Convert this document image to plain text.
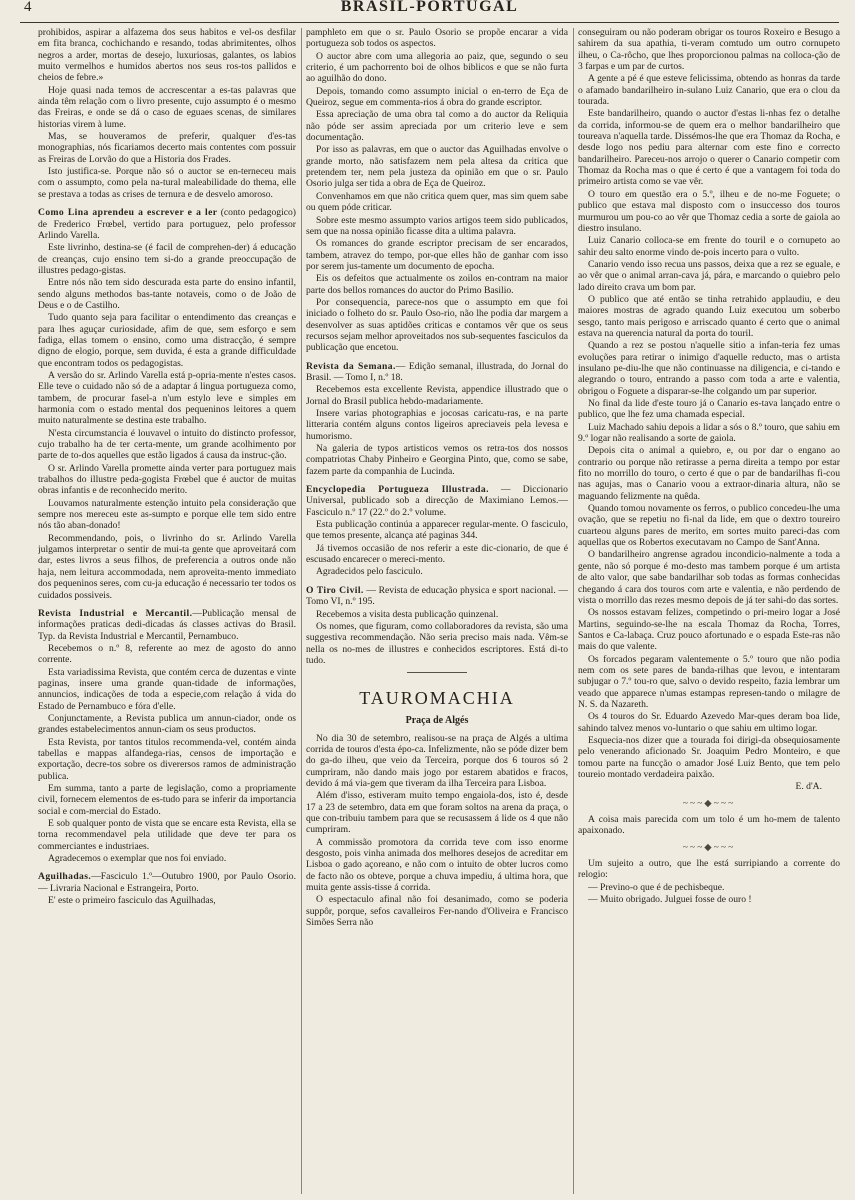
4	BRASIL-PORTUGAL

prohibidos, aspirar a alfazema dos seus habitos e vel-os desfilar em fita branca, cochichando e resando, todas abrimitentes, olhos negros a arder, mortas de desejo, luxuriosas, galantes, os labios muito vermelhos e humidos abertos nos seus ros-tos pallidos e cheios de febre.»

Hoje quasi nada temos de accrescentar a es-tas palavras que ainda têm relação com o livro presente, cujo assumpto é o mesmo das Freiras, e onde se dá o caso de eguaes scenas, de similares historias virem à lume.

Mas, se houveramos de preferir, qualquer d'es-tas monographias, nós ficariamos decerto mais contentes com possuir as Freiras de Lorvão do que a Historia dos Frades.

Isto justifica-se. Porque não só o auctor se en-terneceu mais com o assumpto, como pela na-tural maleabilidade do thema, elle se prestava a todas as crises de ternura e de desvelo amoroso.

Como Lina aprendeu a escrever e a ler (conto pedagogico) de Frederico Frœbel, vertido para portuguez, pelo professor Arlindo Varella.

Este livrinho, destina-se (é facil de comprehen-der) á educação de creanças, cujo ensino tem si-do a grande preoccupação de illustres pedago-gistas.

Entre nós não tem sido descurada esta parte do ensino infantil, sendo alguns methodos bas-tante notaveis, como o de João de Deus e o de Castilho.

Tudo quanto seja para facilitar o entendimento das creanças e para lhes aguçar curiosidade, afim de que, sem esforço e sem fadiga, ellas tomem o ensino, como uma distracção, é sempre digno de elogio, porque, sem duvida, é esta a grande difficuldade que encontram todos os pedagogistas.

A versão do sr. Arlindo Varella está p-opria-mente n'estes casos. Elle teve o cuidado não só de a adaptar á lingua portugueza como, tambem, de procurar fasel-a n'um estylo leve e simples em harmonia com o estado mental dos pequeninos leitores a quem muito naturalmente se destina este trabalho.

N'esta circumstancia é louvavel o intuito do distincto professor, cujo trabalho ha de ter certa-mente, um grande acolhimento por parte de to-dos aquelles que estão ligados á causa da instruc-ção.

O sr. Arlindo Varella promette ainda verter para portuguez mais trabalhos do illustre peda-gogista Frœbel que é auctor de muitas obras infantis e de reconhecido merito.

Louvamos naturalmente estenção intuito pela consideração que sempre nos mereceu este as-sumpto e porque elle tem sido entre nós tão aban-donado!

Recommendando, pois, o livrinho do sr. Arlindo Varella julgamos interpretar o sentir de mui-ta gente que aproveitará com dar, estes livros a seus filhos, de preferencia a outros onde não haja, nem leitura accommodada, nem aproveita-mento immediato dos pequeninos seres, com cu-ja educação é necessario ter todos os cuidados possiveis.

Revista Industrial e Mercantil.—Publicação mensal de informações praticas dedi-dicadas ás classes activas do Brasil. Typ. da Revista Industrial e Mercantil, Pernambuco.

Recebemos o n.º 8, referente ao mez de agosto do anno corrente.

Esta variadissima Revista, que contém cerca de duzentas e vinte paginas, insere uma grande quan-tidade de informações, annuncios, indicações de toda a especie,com relação á vida do Estado de Pernambuco e fóra d'elle.

Conjunctamente, a Revista publica um annun-ciador, onde os grandes estabelecimentos annun-ciam os seus productos.

Esta Revista, por tantos titulos recommenda-vel, contém ainda tabellas e mappas alfandega-rias, censos de importação e exportação, decre-tos sobre os diverersos ramos de administração publica.

Em summa, tanto a parte de legislação, como a propriamente civil, fornecem elementos de es-tudo para se inferir da importancia social e com-mercial do Estado.

E sob qualquer ponto de vista que se encare esta Revista, ella se torna recommendavel pela utilidade que deve ter para os commerciantes e industriaes.

Agradecemos o exemplar que nos foi enviado.

Aguilhadas.—Fasciculo 1.º—Outubro 1900, por Paulo Osorio. — Livraria Nacional e Estrangeira, Porto.

E' este o primeiro fasciculo das Aguilhadas,

pamphleto em que o sr. Paulo Osorio se propõe encarar a vida portugueza sob todos os aspectos.

O auctor abre com uma allegoria ao paiz, que, segundo o seu criterio, é um pachorrento boi de olhos biblicos e que se não furta ao aguilhão do dono.

Depois, tomando como assumpto inicial o en-terro de Eça de Queiroz, segue em commenta-rios á obra do grande escriptor.

Essa apreciação de uma obra tal como a do auctor da Reliquia não póde ser assim apreciada por um criterio leve e sem documentação.

Por isso as palavras, em que o auctor das Aguilhadas envolve o grande morto, não satisfazem nem pela altesa da critica que pretendem ter, nem pela justeza da opinião em que o sr. Paulo Osorio julga ser tida a obra de Eça de Queiroz.

Convenhamos em que não critica quem quer, mas sim quem sabe ou quem póde criticar.

Sobre este mesmo assumpto varios artigos teem sido publicados, sem que na nossa opinião ficasse dita a ultima palavra.

Os romances do grande escriptor precisam de ser encarados, tambem, atravez do tempo, por-que elles hão de ganhar com isso por serem jus-tamente um documento de epocha.

Eis os defeitos que actualmente os zoilos en-contram na maior parte dos bellos romances do auctor do Primo Basilio.

Por consequencia, parece-nos que o assumpto em que foi iniciado o folheto do sr. Paulo Oso-rio, não lhe podia dar margem a desenvolver as suas aptidões criticas e contamos vêr que os seus recursos sejam melhor aproveitados nos sub-sequentes fasciculos da publicação que encetou.

Revista da Semana.— Edição semanal, illustrada, do Jornal do Brasil. — Tomo I, n.º 18.

Recebemos esta excellente Revista, appendice illustrado que o Jornal do Brasil publica hebdo-madariamente.

Insere varias photographias e jocosas caricatu-ras, e na parte litteraria contém alguns contos ligeiros apreciaveis pela levesa e humorismo.

Na galeria de typos artisticos vemos os retra-tos dos nossos compatriotas Chaby Pinheiro e Georgina Pinto, que, como se sabe, fazem parte da companhia de Lucinda.

Encyclopedia Portugueza Illustrada. — Diccionario Universal, publicado sob a direcção de Maximiano Lemos.—Fasciculo n.º 17 (22.º do 2.º volume.

Esta publicação continúa a apparecer regular-mente. O fasciculo, que temos presente, alcança até paginas 344.

Já tivemos occasião de nos referir a este dic-cionario, de que é escusado encarecer o mereci-mento.

Agradecidos pelo fasciculo.

O Tiro Civil. — Revista de educação physica e sport nacional. — Tomo VI, n.º 195.

Recebemos a visita desta publicação quinzenal.

Os nomes, que figuram, como collaboradores da revista, são uma suggestiva recommendação. Não seria preciso mais nada. Vêm-se nella os no-mes de illustres e conhecidos escriptores. Está di-to tudo.

TAUROMACHIA
Praça de Algés

No dia 30 de setembro, realisou-se na praça de Algés a ultima corrida de touros d'esta épo-ca. Infelizmente, não se póde dizer bem do ga-do ilheu, que veio da Terceira, porque dos 6 touros só 2 cumpriram, não dando mais jogo por estarem abatidos e fracos, devido á má via-gem que tiveram da ilha Terceira para Lisboa.

Além d'isso, estiveram muito tempo engaiola-dos, isto é, desde 17 a 23 de setembro, data em que foram soltos na arena da praça, o que con-tribuiu tambem para que se recusassem á lide os 4 que não cumpriram.

A commissão promotora da corrida teve com isso enorme desgosto, pois vinha animada dos melhores desejos de acreditar em Lisboa o gado açoreano, e não com o intuito de obter lucros como de facto não os obteve, porque a chuva impediu, á ultima hora, que muita gente assis-tisse á corrida.

O espectaculo afinal não foi desanimado, como se poderia suppôr, porque, sefos cavalleiros Fer-nando d'Oliveira e Francisco Simões Serra não

conseguiram ou não poderam obrigar os touros Roxeiro e Besugo a sahirem da sua apathia, ti-veram comtudo um outro cornupeto ilheu, o Ca-rôcho, que lhes proporcionou palmas na colloca-ção de 3 farpas e um par de curtos.

A gente a pé é que esteve felicissima, obtendo as honras da tarde o afamado bandarilheiro in-sulano Luiz Canario, que era o clou da tourada.

Este bandarilheiro, quando o auctor d'estas li-nhas fez o detalhe da corrida, informou-se de quem era o melhor bandarilheiro que toureava n'aquella tarde. Dissémos-lhe que era Thomaz da Rocha, e desde logo nos pediu para alternar com este fino e correcto bandarilheiro. Pareceu-nos arrojo o querer o Canario competir com Thomaz da Rocha mas o que é certo é que a vantagem foi toda do primeiro artista como se vae vêr.

O touro em questão era o 5.º, ilheu e de no-me Foguete; o publico que estava mal disposto com o insuccesso dos touros murmurou um pou-co ao vêr que Thomaz cedia a sorte de gaiola ao diestro insulano.

Luiz Canario colloca-se em frente do touril e o cornupeto ao sahir deu salto enorme vindo de-pois incerto para o vulto.

Canario vendo isso recua uns passos, deixa que a rez se eguale, e ao vêr que o animal arran-cava já, pára, e marcando o quiebro pelo lado direito crava um bom par.

O publico que até então se tinha retrahido applaudiu, e deu maiores mostras de agrado quando Luiz executou um soberbo sesgo, tanto mais perigoso e arriscado quanto é certo que o animal estava na querencia natural da porta do touril.

Quando a rez se postou n'aquelle sitio a infan-teria fez umas evoluções para retirar o inimigo d'aquelle reducto, mas o artista insulano pe-diu-lhe que não continuasse na diligencia, e ci-tando e alegrando o touro, entrando a passo com toda a arte e valentia, obrigou o Foguete a disparar-se-lhe colgando um par superior.

No final da lide d'este touro já o Canario es-tava lançado entre o publico, que lhe fez uma chamada especial.

Luiz Machado sahiu depois a lidar a sós o 8.º touro, que sahiu em 9.º logar não realisando a sorte de gaiola.

Depois cita o animal a quiebro, e, ou por dar o engano ao contrario ou porque não retirasse a perna direita a tempo por estar fito no morrillo do touro, o certo é que o par de bandarilhas fi-cou nas agujas, mas o Canario voou a extraor-dinaria altura, não se maguando felizmente na quêda.

Quando tomou novamente os ferros, o publico concedeu-lhe uma ovação, que se repetiu no fi-nal da lide, em que o dextro toureiro cuarteou alguns pares de merito, em sortes muito pareci-das com aquellas que os Robertos executavam no Campo de Sant'Anna.

O bandarilheiro angrense agradou incondicio-nalmente a toda a gente, não só porque é mo-desto mas tambem porque é um artista de alto valor, que sabe bandarilhar sob todas as formas conhecidas chegando á cara dos touros com arte e valentia, e não perdendo de vista o morrillo das rezes mesmo depois de já ter sahi-do das sortes.

Os nossos estavam felizes, competindo o pri-meiro logar a José Martins, seguindo-se-lhe na escala Thomaz da Rocha, Torres, Santos e Ca-labaça. Cruz pouco afortunado e o espada Este-ras não mais do que valente.

Os forcados pegaram valentemente o 5.º touro que não podia nem com os sete pares de banda-rilhas que levou, e intentaram subjugar o 7.º tou-ro que, salvo o devido respeito, fazia lembrar um veado que apparece n'umas estampas represen-tando o milagre de N. S. da Nazareth.

Os 4 touros do Sr. Eduardo Azevedo Mar-ques deram boa lide, sahindo talvez menos vo-luntario o que sahiu em ultimo logar.

Esquecia-nos dizer que a tourada foi dirigi-da obsequiosamente pelo venerando aficionado Sr. Joaquim Pedro Monteiro, e que tomou parte na funcção o amador José Luiz Bento, que tem pelo toureio montado verdadeira paixão.

E. d'A.

~~~◆~~~

A coisa mais parecida com um tolo é um ho-mem de talento apaixonado.

~~~◆~~~

Um sujeito a outro, que lhe está surripiando a corrente do relogio:

— Previno-o que é de pechisbeque.

— Muito obrigado. Julguei fosse de ouro !
